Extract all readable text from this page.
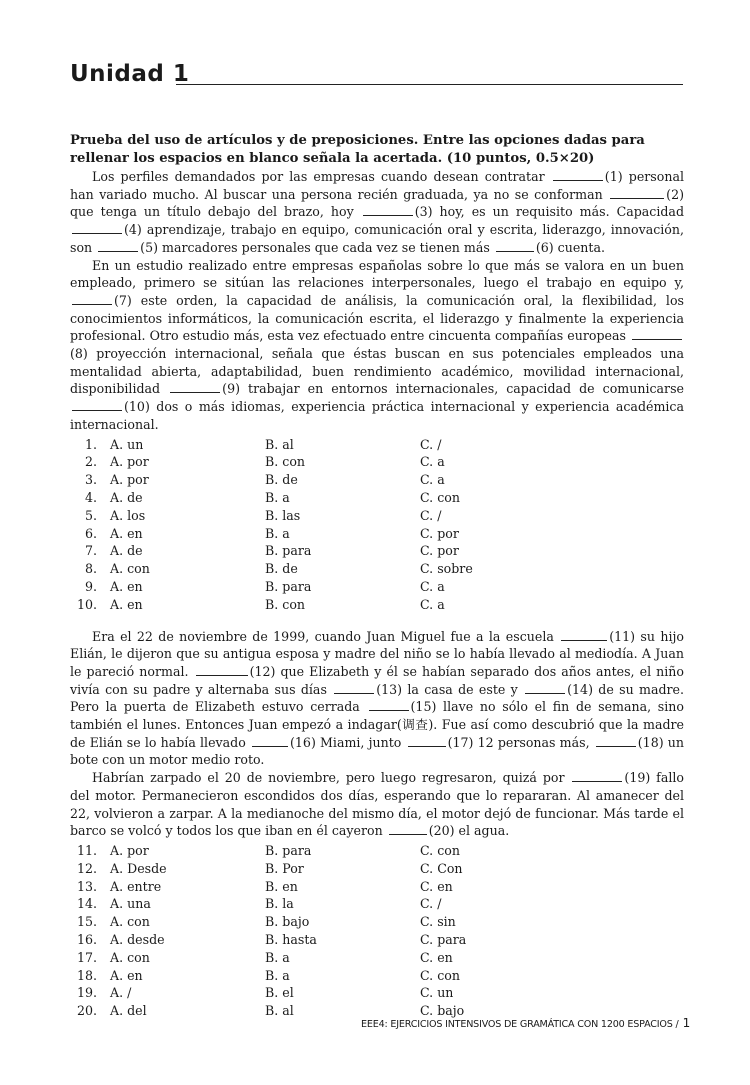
Unidad 1

Prueba del uso de artículos y de preposiciones. Entre las opciones dadas para rellenar los espacios en blanco señala la acertada. (10 puntos, 0.5×20)

Los perfiles demandados por las empresas cuando desean contratar	(1) personal han variado mucho. Al buscar una persona recién graduada, ya no se conforman	(2) que tenga un título debajo del brazo, hoy	(3) hoy, es un requisito más. Capacidad (4) aprendizaje, trabajo en equipo, comunicación oral y escrita, liderazgo, innovación, son	(5) marcadores personales que cada vez se tienen más	(6) cuenta.

En un estudio realizado entre empresas españolas sobre lo que más se valora en un buen empleado, primero se sitúan las relaciones interpersonales, luego el trabajo en equipo y, (7) este orden, la capacidad de análisis, la comunicación oral, la flexibilidad, los conocimientos informáticos, la comunicación escrita, el liderazgo y finalmente la experiencia profesional. Otro estudio más, esta vez efectuado entre cincuenta compañías europeas (8) proyección internacional, señala que éstas buscan en sus potenciales empleados una mentalidad abierta, adaptabilidad, buen rendimiento académico, movilidad internacional, disponibilidad	(9) trabajar en entornos internacionales, capacidad de comunicarse (10) dos o más idiomas, experiencia práctica internacional y experiencia académica internacional.

1.	A. un	B. al	C. /
2.	A. por	B. con	C. a
3.	A. por	B. de	C. a
4.	A. de	B. a	C. con
5.	A. los	B. las	C. /
6.	A. en	B. a	C. por
7.	A. de	B. para	C. por
8.	A. con	B. de	C. sobre
9.	A. en	B. para	C. a
10.	A. en	B. con	C. a

Era el 22 de noviembre de 1999, cuando Juan Miguel fue a la escuela	(11) su hijo Elián, le dijeron que su antigua esposa y madre del niño se lo había llevado al mediodía. A Juan le pareció normal.	(12) que Elizabeth y él se habían separado dos años antes, el niño vivía con su padre y alternaba sus días	(13) la casa de este y	(14) de su madre. Pero la puerta de Elizabeth estuvo cerrada	(15) llave no sólo el fin de semana, sino también el lunes. Entonces Juan empezó a indagar(调查). Fue así como descubrió que la madre de Elián se lo había llevado	(16) Miami, junto	(17) 12 personas más,	(18) un bote con un motor medio roto.

Habrían zarpado el 20 de noviembre, pero luego regresaron, quizá por	(19) fallo del motor. Permanecieron escondidos dos días, esperando que lo repararan. Al amanecer del 22, volvieron a zarpar. A la medianoche del mismo día, el motor dejó de funcionar. Más tarde el barco se volcó y todos los que iban en él cayeron	(20) el agua.

11.	A. por	B. para	C. con
12.	A. Desde	B. Por	C. Con
13.	A. entre	B. en	C. en
14.	A. una	B. la	C. /
15.	A. con	B. bajo	C. sin
16.	A. desde	B. hasta	C. para
17.	A. con	B. a	C. en
18.	A. en	B. a	C. con
19.	A. /	B. el	C. un
20.	A. del	B. al	C. bajo
EEE4: EJERCICIOS INTENSIVOS DE GRAMÁTICA CON 1200 ESPACIOS / 1
